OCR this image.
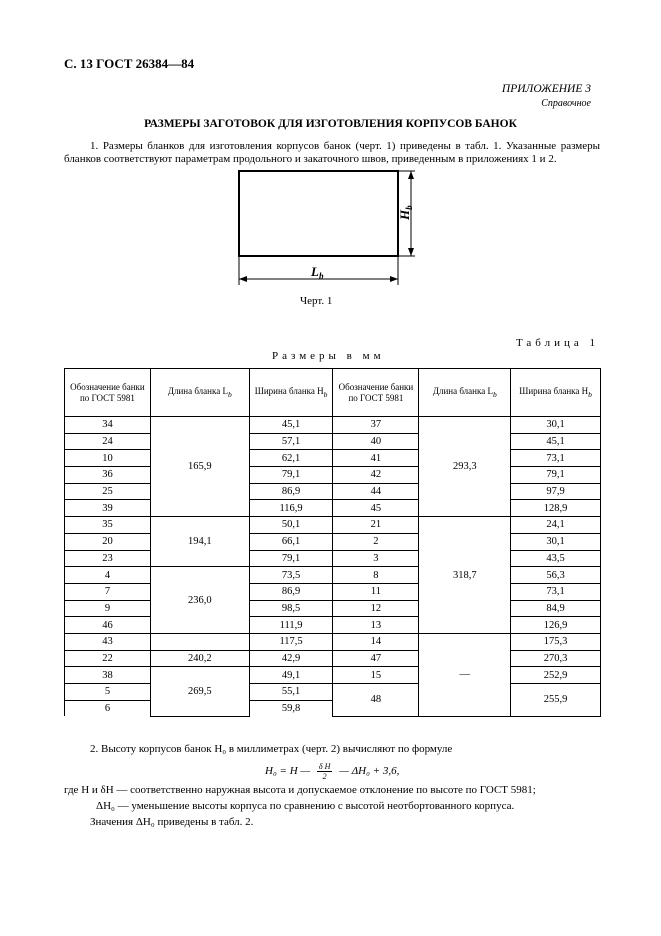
С. 13 ГОСТ 26384—84
ПРИЛОЖЕНИЕ 3
Справочное
РАЗМЕРЫ ЗАГОТОВОК ДЛЯ ИЗГОТОВЛЕНИЯ КОРПУСОВ БАНОК
1. Размеры бланков для изготовления корпусов банок (черт. 1) приведены в табл. 1. Указанные размеры бланков соответствуют параметрам продольного и закаточного швов, приведенным в приложениях 1 и 2.
$H_b$
$L_b$
Черт. 1
Таблица 1
Размеры в мм
Обозначение банки по ГОСТ 5981	Длина бланка $L_b$	Ширина бланка $H_b$	Обозначение банки по ГОСТ 5981	Длина бланка $L_b$	Ширина бланка $H_b$
34	165,9	45,1	37	293,3	30,1
24		57,1	40		45,1
10		62,1	41		73,1
36		79,1	42		79,1
25		86,9	44		97,9
39		116,9	45		128,9
35	194,1	50,1	21	318,7	24,1
20		66,1	2		30,1
23		79,1	3		43,5
4	236,0	73,5	8		56,3
7		86,9	11		73,1
9		98,5	12		84,9
46		111,9	13		126,9
43		117,5	14	—	175,3
22	240,2	42,9	47		270,3
38	269,5	49,1	15		252,9
5		55,1	48		255,9
6		59,8			
2. Высоту корпусов банок H₀ в миллиметрах (черт. 2) вычисляют по формуле
H₀ = H — $\frac{\text{δ H}}{2}$ — ΔH₀ + 3,6,
где H и δH — соответственно наружная высота и допускаемое отклонение по высоте по ГОСТ 5981;
ΔH₀ — уменьшение высоты корпуса по сравнению с высотой неотбортованного корпуса.
Значения ΔH₀ приведены в табл. 2.
